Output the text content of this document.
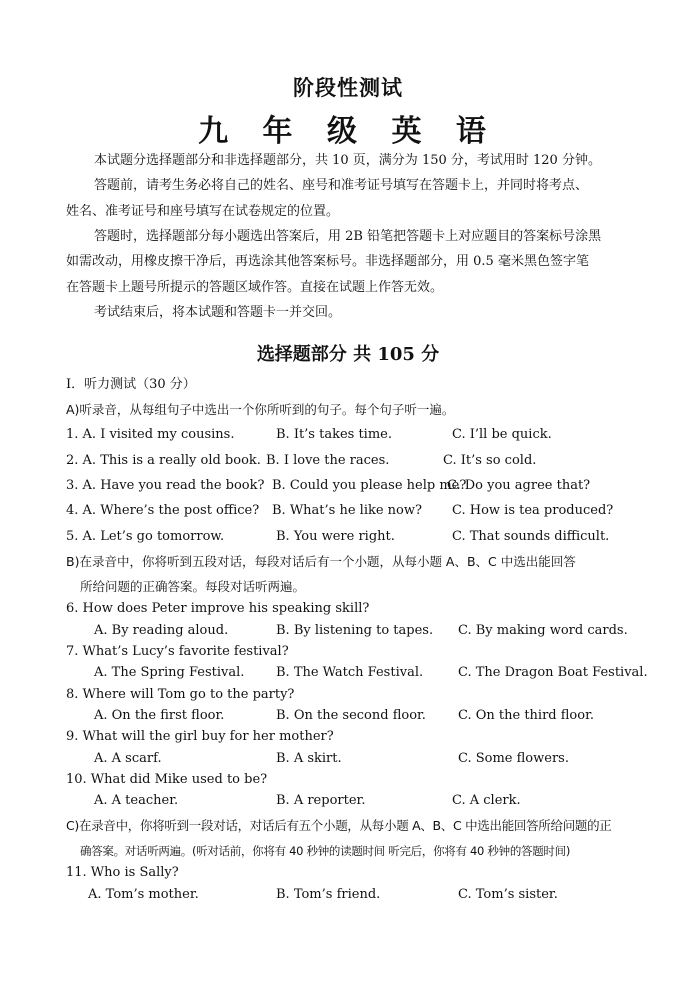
阶段性测试
九 年 级 英 语
本试题分选择题部分和非选择题部分，共 10 页，满分为 150 分，考试用时 120 分钟。
答题前，请考生务必将自己的姓名、座号和准考证号填写在答题卡上，并同时将考点、
姓名、准考证号和座号填写在试卷规定的位置。
答题时，选择题部分每小题选出答案后，用 2B 铅笔把答题卡上对应题目的答案标号涂黑
如需改动，用橡皮擦干净后，再选涂其他答案标号。非选择题部分，用 0.5 毫米黑色签字笔
在答题卡上题号所提示的答题区域作答。直接在试题上作答无效。
考试结束后，将本试题和答题卡一并交回。
选择题部分 共 105 分
I．听力测试（30 分）
A)听录音，从每组句子中选出一个你所听到的句子。每个句子听一遍。
1. A. I visited my cousins.	B. It’s takes time.	C. I’ll be quick.
2. A. This is a really old book. B. I love the races.	C. It’s so cold.
3. A. Have you read the book? B. Could you please help me?
C. Do you agree that?
4. A. Where’s the post office? B. What’s he like now? C. How is tea produced?
5. A. Let’s go tomorrow.	B. You were right.	C. That sounds difficult.
B)在录音中，你将听到五段对话，每段对话后有一个小题，从每小题 A、B、C 中选出能回答
所给问题的正确答案。每段对话听两遍。
6. How does Peter improve his speaking skill?
A. By reading aloud.	B. By listening to tapes. C. By making word cards.
7. What’s Lucy’s favorite festival?
A. The Spring Festival. B. The Watch Festival.	C. The Dragon Boat Festival.
8. Where will Tom go to the party?
A. On the first floor.	B. On the second floor. C. On the third floor.
9. What will the girl buy for her mother?
A. A scarf.	B. A skirt.	C. Some flowers.
10. What did Mike used to be?
A. A teacher.	B. A reporter.	C. A clerk.
C)在录音中，你将听到一段对话，对话后有五个小题，从每小题 A、B、C 中选出能回答所给问题的正
确答案。对话听两遍。(听对话前，你将有 40 秒钟的读题时间 听完后，你将有 40 秒钟的答题时间)
11. Who is Sally?
A. Tom’s mother.	B. Tom’s friend.	C. Tom’s sister.
